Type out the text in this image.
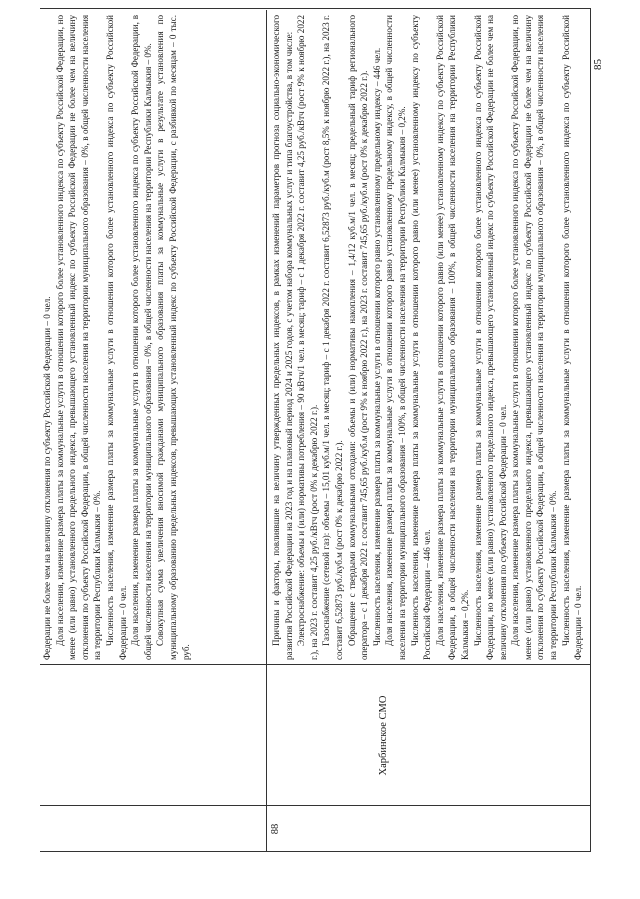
Федерации не более чем на величину отклонения по субъекту Российской Федерации – 0 чел. Доля населения, изменение размера платы за коммунальные услуги в отношении которого более установленного индекса по субъекту Российской Федерации, но менее (или равно) установленного предельного индекса, превышающего установленный индекс по субъекту Российской Федерации не более чем на величину отклонения по субъекту Российской Федерации, в общей численности населения на территории муниципального образования – 0%, в общей численности населения на территории Республики Калмыкия – 0%. Численность населения, изменение размера платы за коммунальные услуги в отношении которого более установленного индекса по субъекту Российской Федерации – 0 чел. Доля населения, изменение размера платы за коммунальные услуги в отношении которого более установленного индекса по субъекту Российской Федерации, в общей численности населения на территории муниципального образования – 0%, в общей численности населения на территории Республики Калмыкия – 0%. Совокупная сумма увеличения вносимой гражданами муниципального образования платы за коммунальные услуги в результате установления по муниципальному образованию предельных индексов, превышающих установленный индекс по субъекту Российской Федерации, с разбивкой по месяцам – 0 тыс. руб.

88
Харбинское СМО

Причины и факторы, повлиявшие на величину утвержденных предельных индексов, в рамках изменений параметров прогноза социально-экономического развития Российской Федерации на 2023 год и на плановый период 2024 и 2025 годов, с учетом набора коммунальных услуг и типа благоустройства, в том числе: Электроснабжение: объемы и (или) нормативы потребления – 90 кВтч/1 чел. в месяц; тариф – с 1 декабря 2022 г. составит 4,25 руб./кВтч (рост 9% к ноябрю 2022 г.), на 2023 г. составит 4,25 руб./кВтч (рост 0% к декабрю 2022 г.). Газоснабжение (сетевой газ): объемы – 15,01 куб.м/1 чел. в месяц; тариф – с 1 декабря 2022 г. составит 6,52873 руб./куб.м (рост 8,5% к ноябрю 2022 г.), на 2023 г. составит 6,52873 руб./куб.м (рост 0% к декабрю 2022 г.). Обращение с твердыми коммунальными отходами: объемы и (или) нормативы накопления – 1,4/12 куб.м/1 чел. в месяц; предельный тариф регионального оператора – с 1 декабря 2022 г. составит 745,65 руб./куб.м (рост 9% к ноябрю 2022 г.), на 2023 г. составит 745,65 руб./куб.м (рост 0% к декабрю 2022 г.). Численность населения, изменение размера платы за коммунальные услуги в отношении которого равно установленному предельному индексу – 446 чел. Доля населения, изменение размера платы за коммунальные услуги в отношении которого равно установленному предельному индексу, в общей численности населения на территории муниципального образования – 100%, в общей численности населения на территории Республики Калмыкия – 0,2%. Численность населения, изменение размера платы за коммунальные услуги в отношении которого равно (или менее) установленному индексу по субъекту Российской Федерации – 446 чел. Доля населения, изменение размера платы за коммунальные услуги в отношении которого равно (или менее) установленному индексу по субъекту Российской Федерации, в общей численности населения на территории муниципального образования – 100%, в общей численности населения на территории Республики Калмыкия – 0,2%. Численность населения, изменение размера платы за коммунальные услуги в отношении которого более установленного индекса по субъекту Российской Федерации, но менее (или равно) установленного предельного индекса, превышающего установленный индекс по субъекту Российской Федерации не более чем на величину отклонения по субъекту Российской Федерации – 0 чел. Доля населения, изменение размера платы за коммунальные услуги в отношении которого более установленного индекса по субъекту Российской Федерации, но менее (или равно) установленного предельного индекса, превышающего установленный индекс по субъекту Российской Федерации не более чем на величину отклонения по субъекту Российской Федерации, в общей численности населения на территории муниципального образования – 0%, в общей численности населения на территории Республики Калмыкия – 0%. Численность населения, изменение размера платы за коммунальные услуги в отношении которого более установленного индекса по субъекту Российской Федерации – 0 чел.

85
